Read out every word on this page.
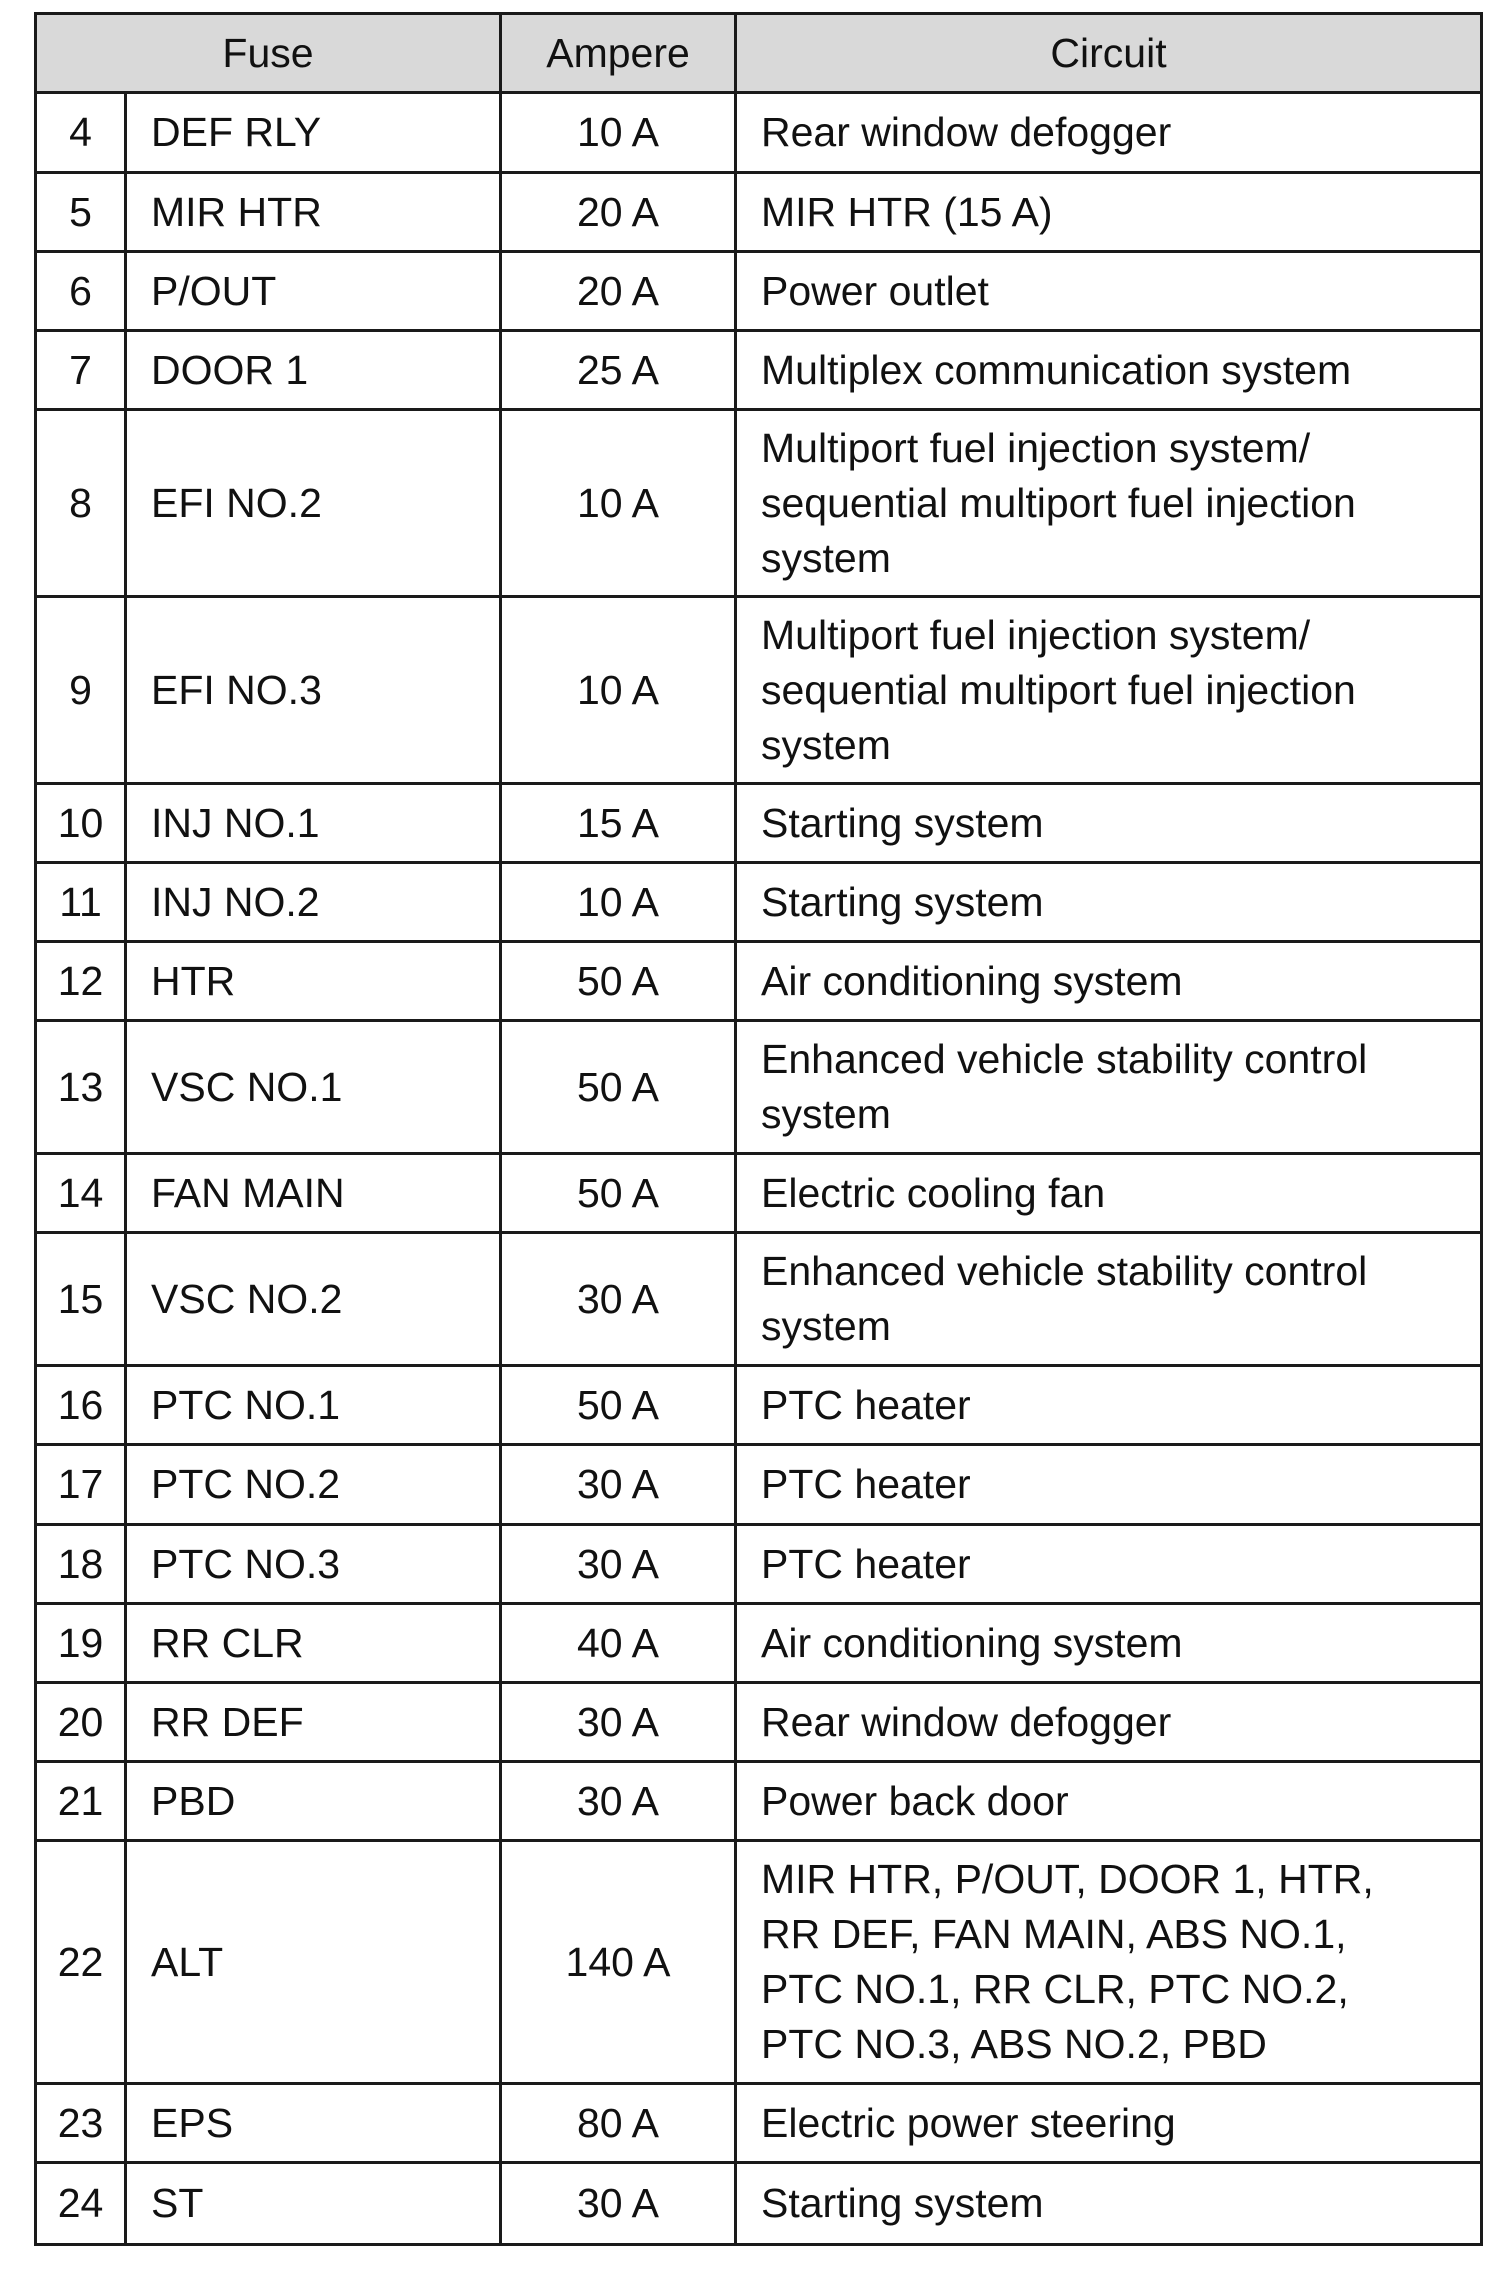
Fuse		Ampere	Circuit
4	DEF RLY	10 A	Rear window defogger
5	MIR HTR	20 A	MIR HTR (15 A)
6	P/OUT	20 A	Power outlet
7	DOOR 1	25 A	Multiplex communication system
8	EFI NO.2	10 A	Multiport fuel injection system/
sequential multiport fuel injection
system
9	EFI NO.3	10 A	Multiport fuel injection system/
sequential multiport fuel injection
system
10	INJ NO.1	15 A	Starting system
11	INJ NO.2	10 A	Starting system
12	HTR	50 A	Air conditioning system
13	VSC NO.1	50 A	Enhanced vehicle stability control
system
14	FAN MAIN	50 A	Electric cooling fan
15	VSC NO.2	30 A	Enhanced vehicle stability control
system
16	PTC NO.1	50 A	PTC heater
17	PTC NO.2	30 A	PTC heater
18	PTC NO.3	30 A	PTC heater
19	RR CLR	40 A	Air conditioning system
20	RR DEF	30 A	Rear window defogger
21	PBD	30 A	Power back door
22	ALT	140 A	MIR HTR, P/OUT, DOOR 1, HTR,
RR DEF, FAN MAIN, ABS NO.1,
PTC NO.1, RR CLR, PTC NO.2,
PTC NO.3, ABS NO.2, PBD
23	EPS	80 A	Electric power steering
24	ST	30 A	Starting system
